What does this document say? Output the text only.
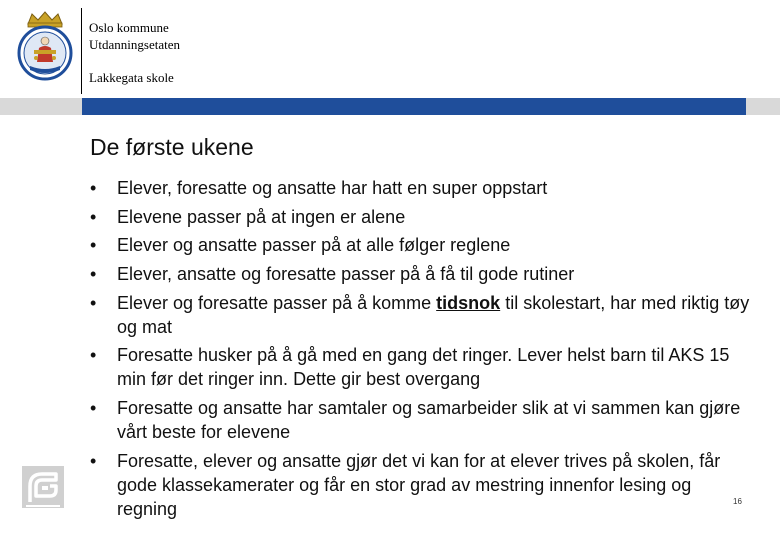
Oslo kommune
Utdanningsetaten
Lakkegata skole
De første ukene
• Elever, foresatte og ansatte har hatt en super oppstart
• Elevene passer på at ingen er alene
• Elever og ansatte passer på at alle følger reglene
• Elever, ansatte og foresatte passer på å få til gode rutiner
• Elever og foresatte passer på å komme tidsnok til skolestart, har med riktig tøy og mat
• Foresatte husker på å gå med en gang det ringer. Lever helst barn til AKS 15 min før det ringer inn. Dette gir best overgang
• Foresatte og ansatte har samtaler og samarbeider slik at vi sammen kan gjøre vårt beste for elevene
• Foresatte, elever og ansatte gjør det vi kan for at elever trives på skolen, får gode klassekamerater og får en stor grad av mestring innenfor lesing og regning	16
